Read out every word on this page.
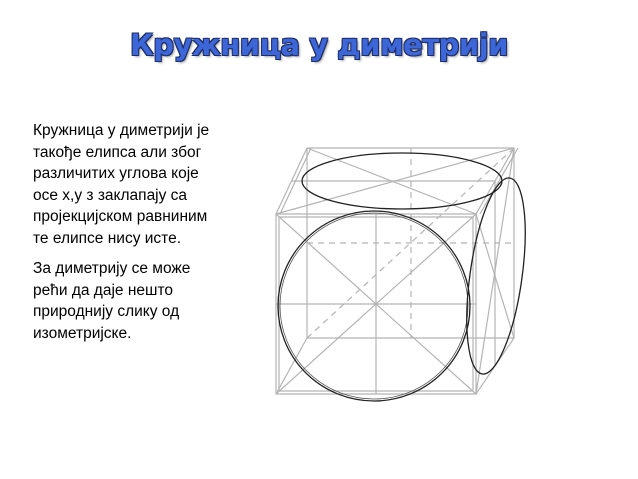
Кружница у диметрији

Кружница у диметрији је
такође елипса али због
различитих углова које
осе x,y з заклапају са
пројекцијском равниним
те елипсе нису исте.

За диметрију се може
рећи да даје нешто
природнију слику од
изометријске.
